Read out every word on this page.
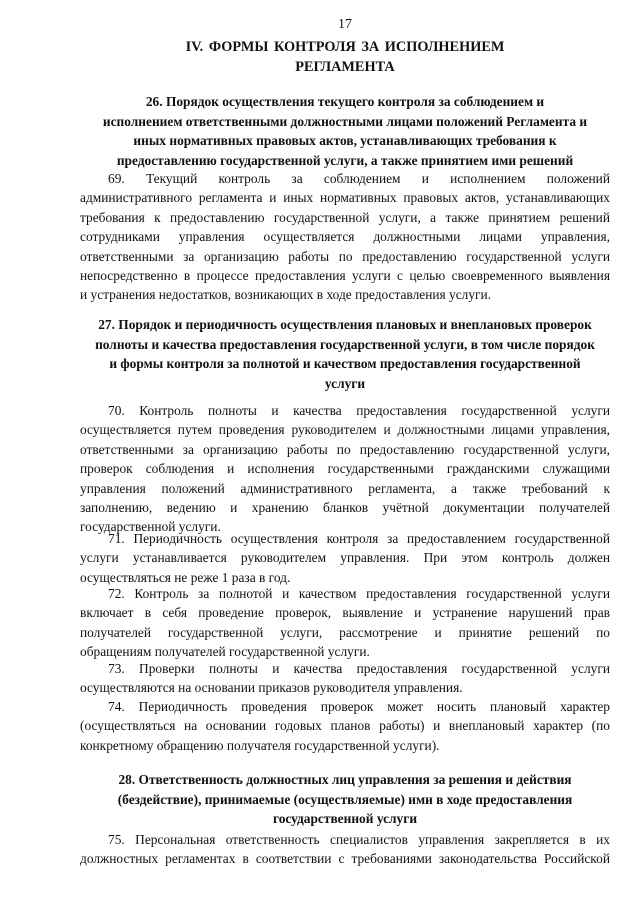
17
IV. ФОРМЫ КОНТРОЛЯ ЗА ИСПОЛНЕНИЕМ
РЕГЛАМЕНТА
26. Порядок осуществления текущего контроля за соблюдением и
исполнением ответственными должностными лицами положений Регламента и
иных нормативных правовых актов, устанавливающих требования к
предоставлению государственной услуги, а также принятием ими решений
69. Текущий контроль за соблюдением и исполнением положений
административного регламента и иных нормативных правовых актов, устанавливающих
требования к предоставлению государственной услуги, а также принятием решений
сотрудниками управления осуществляется должностными лицами управления,
ответственными за организацию работы по предоставлению государственной услуги
непосредственно в процессе предоставления услуги с целью своевременного выявления
и устранения недостатков, возникающих в ходе предоставления услуги.
27. Порядок и периодичность осуществления плановых и внеплановых проверок
полноты и качества предоставления государственной услуги, в том числе порядок
и формы контроля за полнотой и качеством предоставления государственной
услуги
70. Контроль полноты и качества предоставления государственной услуги
осуществляется путем проведения руководителем и должностными лицами управления,
ответственными за организацию работы по предоставлению государственной услуги,
проверок соблюдения и исполнения государственными гражданскими служащими
управления положений административного регламента, а также требований к
заполнению, ведению и хранению бланков учётной документации получателей
государственной услуги.
71. Периодичность осуществления контроля за предоставлением государственной
услуги устанавливается руководителем управления. При этом контроль должен
осуществляться не реже 1 раза в год.
72. Контроль за полнотой и качеством предоставления государственной услуги
включает в себя проведение проверок, выявление и устранение нарушений прав
получателей государственной услуги, рассмотрение и принятие решений по
обращениям получателей государственной услуги.
73. Проверки полноты и качества предоставления государственной услуги
осуществляются на основании приказов руководителя управления.
74. Периодичность проведения проверок может носить плановый характер
(осуществляться на основании годовых планов работы) и внеплановый характер (по
конкретному обращению получателя государственной услуги).
28. Ответственность должностных лиц управления за решения и действия
(бездействие), принимаемые (осуществляемые) ими в ходе предоставления
государственной услуги
75. Персональная ответственность специалистов управления закрепляется в их
должностных регламентах в соответствии с требованиями законодательства Российской
